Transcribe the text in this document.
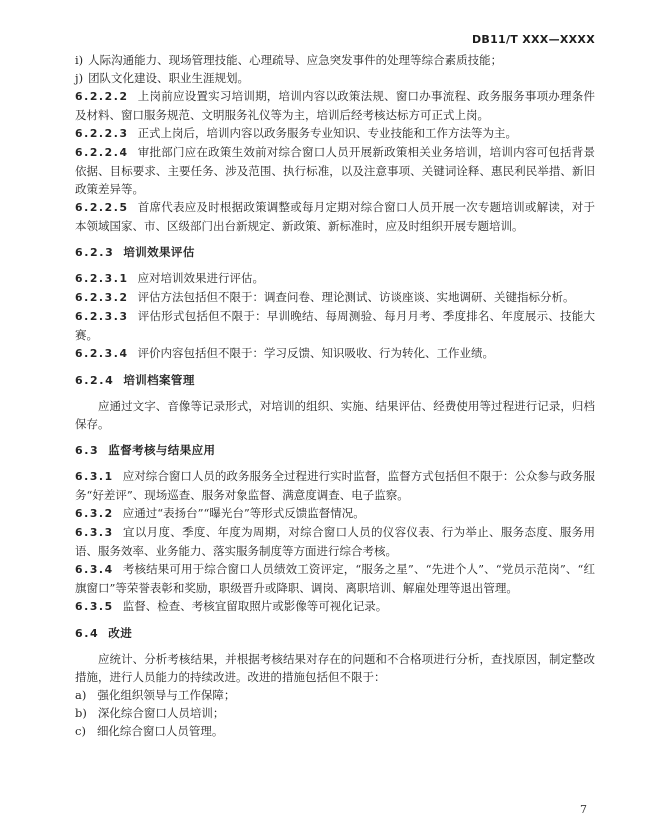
DB11/T XXX—XXXX

i) 人际沟通能力、现场管理技能、心理疏导、应急突发事件的处理等综合素质技能；

j) 团队文化建设、职业生涯规划。

6.2.2.2 上岗前应设置实习培训期，培训内容以政策法规、窗口办事流程、政务服务事项办理条件及材料、窗口服务规范、文明服务礼仪等为主，培训后经考核达标方可正式上岗。

6.2.2.3 正式上岗后，培训内容以政务服务专业知识、专业技能和工作方法等为主。

6.2.2.4 审批部门应在政策生效前对综合窗口人员开展新政策相关业务培训，培训内容可包括背景依据、目标要求、主要任务、涉及范围、执行标准，以及注意事项、关键词诠释、惠民利民举措、新旧政策差异等。

6.2.2.5 首席代表应及时根据政策调整或每月定期对综合窗口人员开展一次专题培训或解读，对于本领域国家、市、区级部门出台新规定、新政策、新标准时，应及时组织开展专题培训。

6.2.3 培训效果评估

6.2.3.1 应对培训效果进行评估。

6.2.3.2 评估方法包括但不限于：调查问卷、理论测试、访谈座谈、实地调研、关键指标分析。

6.2.3.3 评估形式包括但不限于：早训晚结、每周测验、每月月考、季度排名、年度展示、技能大赛。

6.2.3.4 评价内容包括但不限于：学习反馈、知识吸收、行为转化、工作业绩。

6.2.4 培训档案管理

应通过文字、音像等记录形式，对培训的组织、实施、结果评估、经费使用等过程进行记录，归档保存。

6.3 监督考核与结果应用

6.3.1 应对综合窗口人员的政务服务全过程进行实时监督，监督方式包括但不限于：公众参与政务服务“好差评”、现场巡查、服务对象监督、满意度调查、电子监察。

6.3.2 应通过“表扬台”“曝光台”等形式反馈监督情况。

6.3.3 宜以月度、季度、年度为周期，对综合窗口人员的仪容仪表、行为举止、服务态度、服务用语、服务效率、业务能力、落实服务制度等方面进行综合考核。

6.3.4 考核结果可用于综合窗口人员绩效工资评定，“服务之星”、“先进个人”、“党员示范岗”、“红旗窗口”等荣誉表彰和奖励，职级晋升或降职、调岗、离职培训、解雇处理等退出管理。

6.3.5 监督、检查、考核宜留取照片或影像等可视化记录。

6.4 改进

应统计、分析考核结果，并根据考核结果对存在的问题和不合格项进行分析，查找原因，制定整改措施，进行人员能力的持续改进。改进的措施包括但不限于：

a) 强化组织领导与工作保障；

b) 深化综合窗口人员培训；

c) 细化综合窗口人员管理。

7
